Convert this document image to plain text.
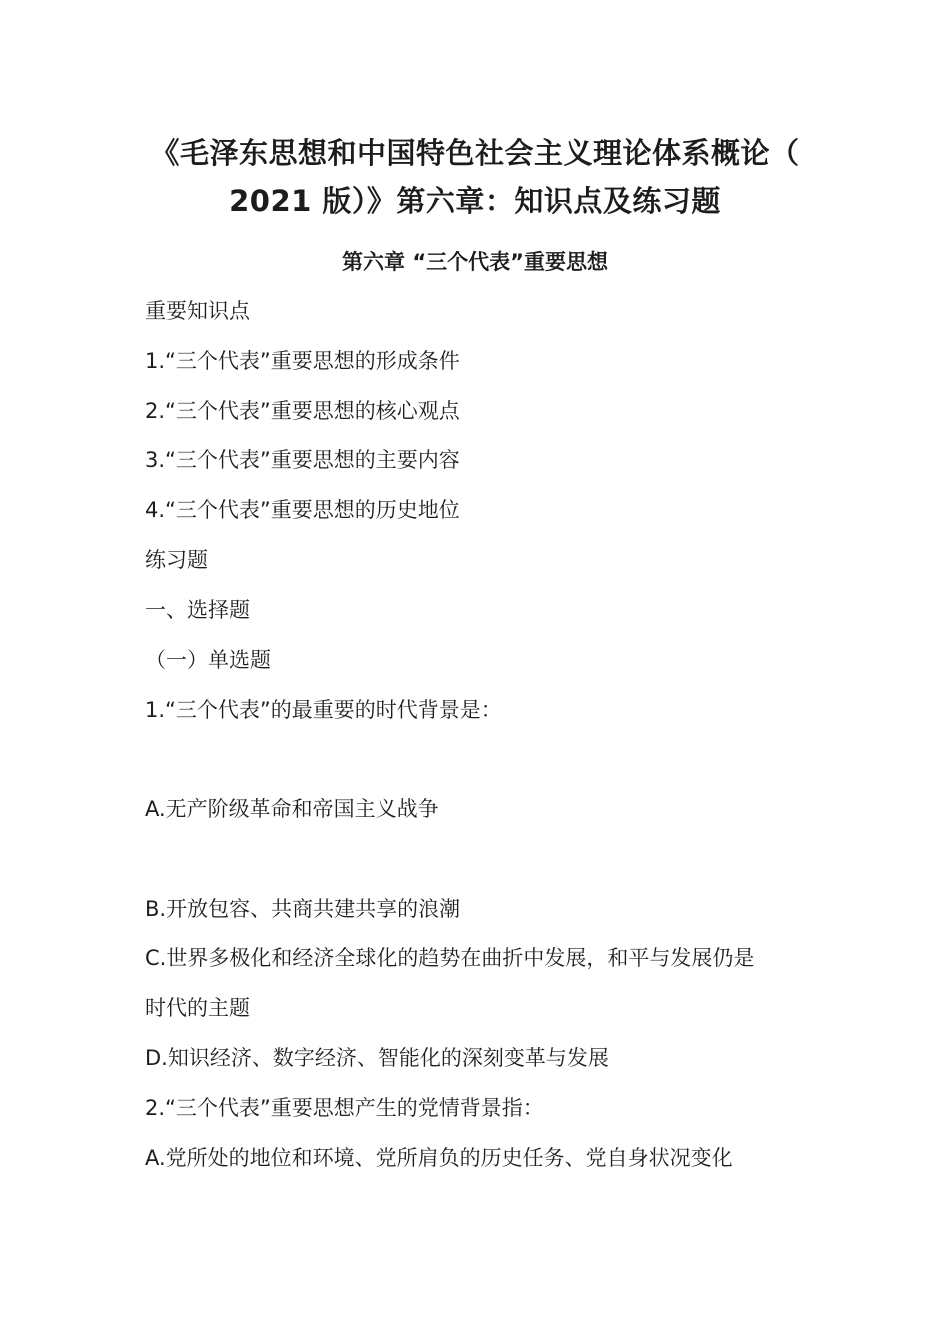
《毛泽东思想和中国特色社会主义理论体系概论（
2021 版）》第六章：知识点及练习题
第六章 “三个代表”重要思想
重要知识点
1.“三个代表”重要思想的形成条件
2.“三个代表”重要思想的核心观点
3.“三个代表”重要思想的主要内容
4.“三个代表”重要思想的历史地位
练习题
一、选择题
（一）单选题
1.“三个代表”的最重要的时代背景是：
A.无产阶级革命和帝国主义战争
B.开放包容、共商共建共享的浪潮
C.世界多极化和经济全球化的趋势在曲折中发展，和平与发展仍是
时代的主题
D.知识经济、数字经济、智能化的深刻变革与发展
2.“三个代表”重要思想产生的党情背景指：
A.党所处的地位和环境、党所肩负的历史任务、党自身状况变化
